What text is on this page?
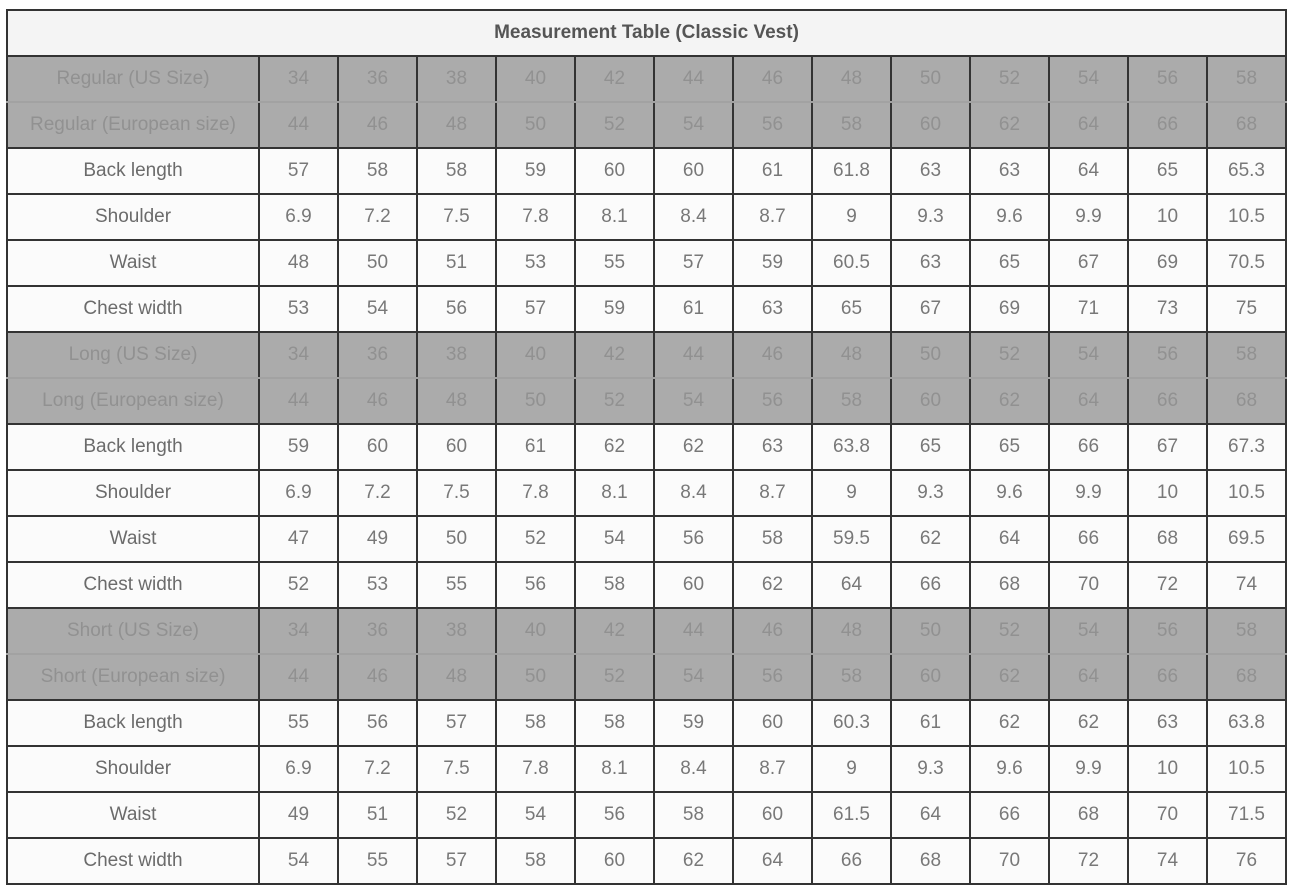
Measurement Table (Classic Vest)													
Regular (US Size)	34	36	38	40	42	44	46	48	50	52	54	56	58
Regular (European size)	44	46	48	50	52	54	56	58	60	62	64	66	68
Back length	57	58	58	59	60	60	61	61.8	63	63	64	65	65.3
Shoulder	6.9	7.2	7.5	7.8	8.1	8.4	8.7	9	9.3	9.6	9.9	10	10.5
Waist	48	50	51	53	55	57	59	60.5	63	65	67	69	70.5
Chest width	53	54	56	57	59	61	63	65	67	69	71	73	75
Long (US Size)	34	36	38	40	42	44	46	48	50	52	54	56	58
Long (European size)	44	46	48	50	52	54	56	58	60	62	64	66	68
Back length	59	60	60	61	62	62	63	63.8	65	65	66	67	67.3
Shoulder	6.9	7.2	7.5	7.8	8.1	8.4	8.7	9	9.3	9.6	9.9	10	10.5
Waist	47	49	50	52	54	56	58	59.5	62	64	66	68	69.5
Chest width	52	53	55	56	58	60	62	64	66	68	70	72	74
Short (US Size)	34	36	38	40	42	44	46	48	50	52	54	56	58
Short (European size)	44	46	48	50	52	54	56	58	60	62	64	66	68
Back length	55	56	57	58	58	59	60	60.3	61	62	62	63	63.8
Shoulder	6.9	7.2	7.5	7.8	8.1	8.4	8.7	9	9.3	9.6	9.9	10	10.5
Waist	49	51	52	54	56	58	60	61.5	64	66	68	70	71.5
Chest width	54	55	57	58	60	62	64	66	68	70	72	74	76
